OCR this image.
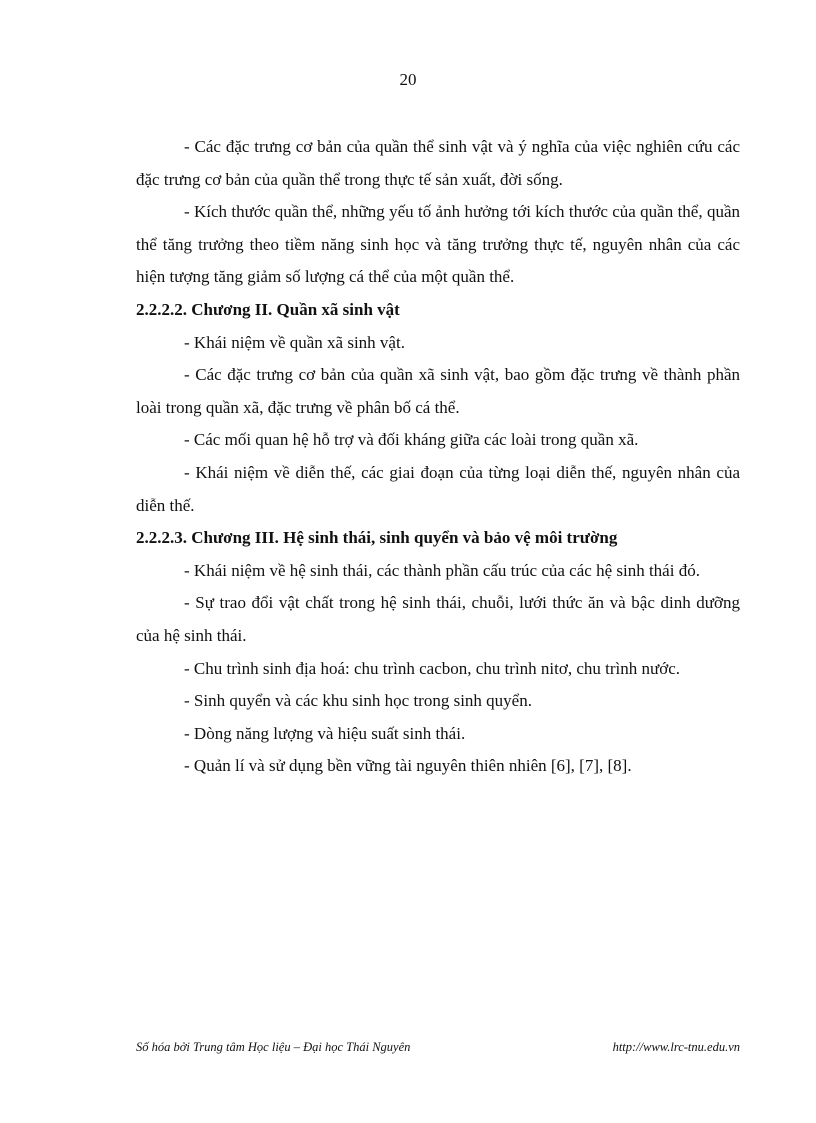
20

- Các đặc trưng cơ bản của quần thể sinh vật và ý nghĩa của việc nghiên cứu các đặc trưng cơ bản của quần thể trong thực tế sản xuất, đời sống.

- Kích thước quần thể, những yếu tố ảnh hưởng tới kích thước của quần thể, quần thể tăng trưởng theo tiềm năng sinh học và tăng trưởng thực tế, nguyên nhân của các hiện tượng tăng giảm số lượng cá thể của một quần thể.

2.2.2.2. Chương II. Quần xã sinh vật

- Khái niệm về quần xã sinh vật.

- Các đặc trưng cơ bản của quần xã sinh vật, bao gồm đặc trưng về thành phần loài trong quần xã, đặc trưng về phân bố cá thể.

- Các mối quan hệ hỗ trợ và đối kháng giữa các loài trong quần xã.

- Khái niệm về diễn thế, các giai đoạn của từng loại diễn thế, nguyên nhân của diễn thế.

2.2.2.3. Chương III. Hệ sinh thái, sinh quyển và bảo vệ môi trường

- Khái niệm về hệ sinh thái, các thành phần cấu trúc của các hệ sinh thái đó.

- Sự trao đổi vật chất trong hệ sinh thái, chuỗi, lưới thức ăn và bậc dinh dưỡng của hệ sinh thái.

- Chu trình sinh địa hoá: chu trình cacbon, chu trình nitơ, chu trình nước.

- Sinh quyển và các khu sinh học trong sinh quyển.

- Dòng năng lượng và hiệu suất sinh thái.

- Quản lí và sử dụng bền vững tài nguyên thiên nhiên [6], [7], [8].

Số hóa bởi Trung tâm Học liệu – Đại học Thái Nguyên	http://www.lrc-tnu.edu.vn
